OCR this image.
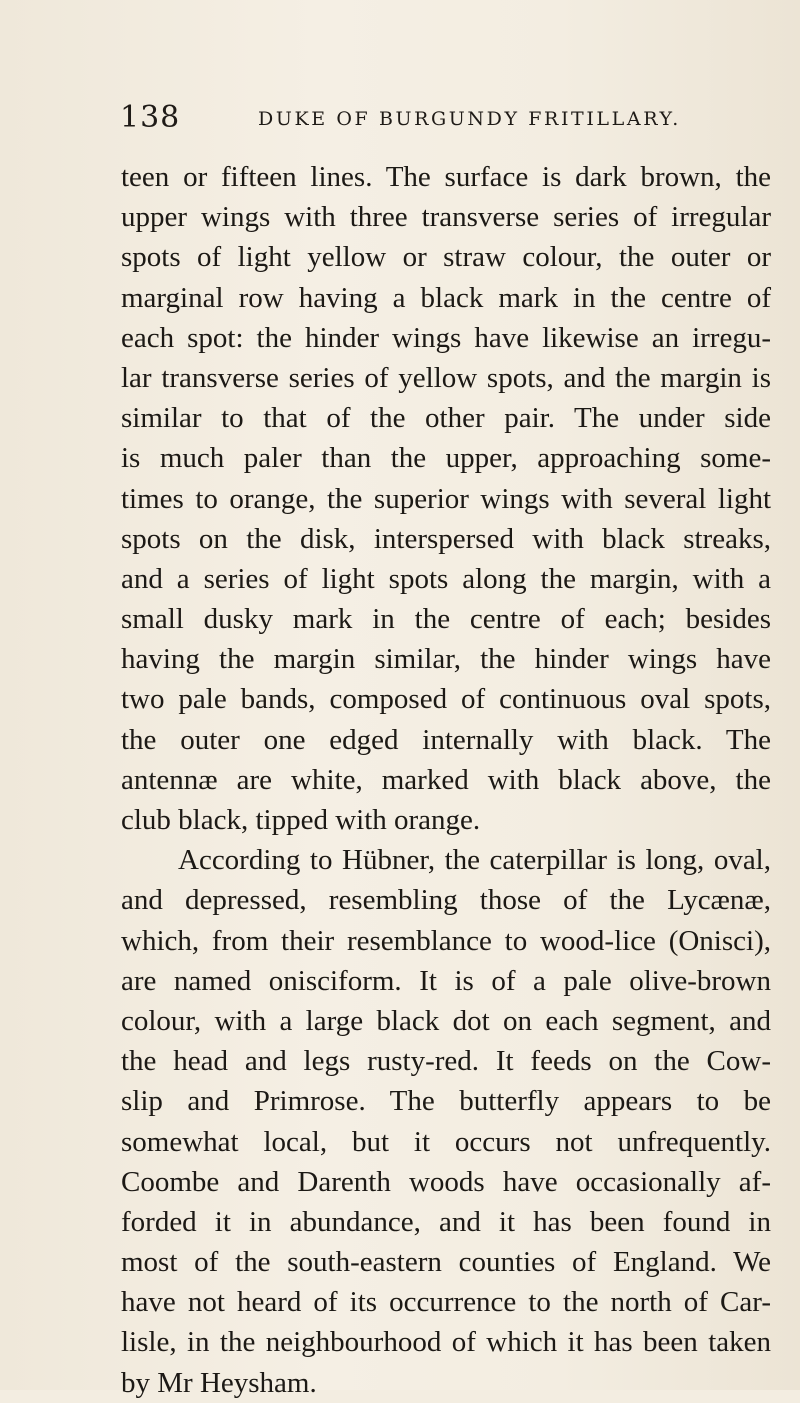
138	DUKE OF BURGUNDY FRITILLARY.
teen or fifteen lines. The surface is dark brown, the
upper wings with three transverse series of irregular
spots of light yellow or straw colour, the outer or
marginal row having a black mark in the centre of
each spot: the hinder wings have likewise an irregu-
lar transverse series of yellow spots, and the margin is
similar to that of the other pair. The under side
is much paler than the upper, approaching some-
times to orange, the superior wings with several light
spots on the disk, interspersed with black streaks,
and a series of light spots along the margin, with a
small dusky mark in the centre of each; besides
having the margin similar, the hinder wings have
two pale bands, composed of continuous oval spots,
the outer one edged internally with black. The
antennæ are white, marked with black above, the
club black, tipped with orange.
According to Hübner, the caterpillar is long, oval,
and depressed, resembling those of the Lycænæ,
which, from their resemblance to wood-lice (Onisci),
are named onisciform. It is of a pale olive-brown
colour, with a large black dot on each segment, and
the head and legs rusty-red. It feeds on the Cow-
slip and Primrose. The butterfly appears to be
somewhat local, but it occurs not unfrequently.
Coombe and Darenth woods have occasionally af-
forded it in abundance, and it has been found in
most of the south-eastern counties of England. We
have not heard of its occurrence to the north of Car-
lisle, in the neighbourhood of which it has been taken
by Mr Heysham.
